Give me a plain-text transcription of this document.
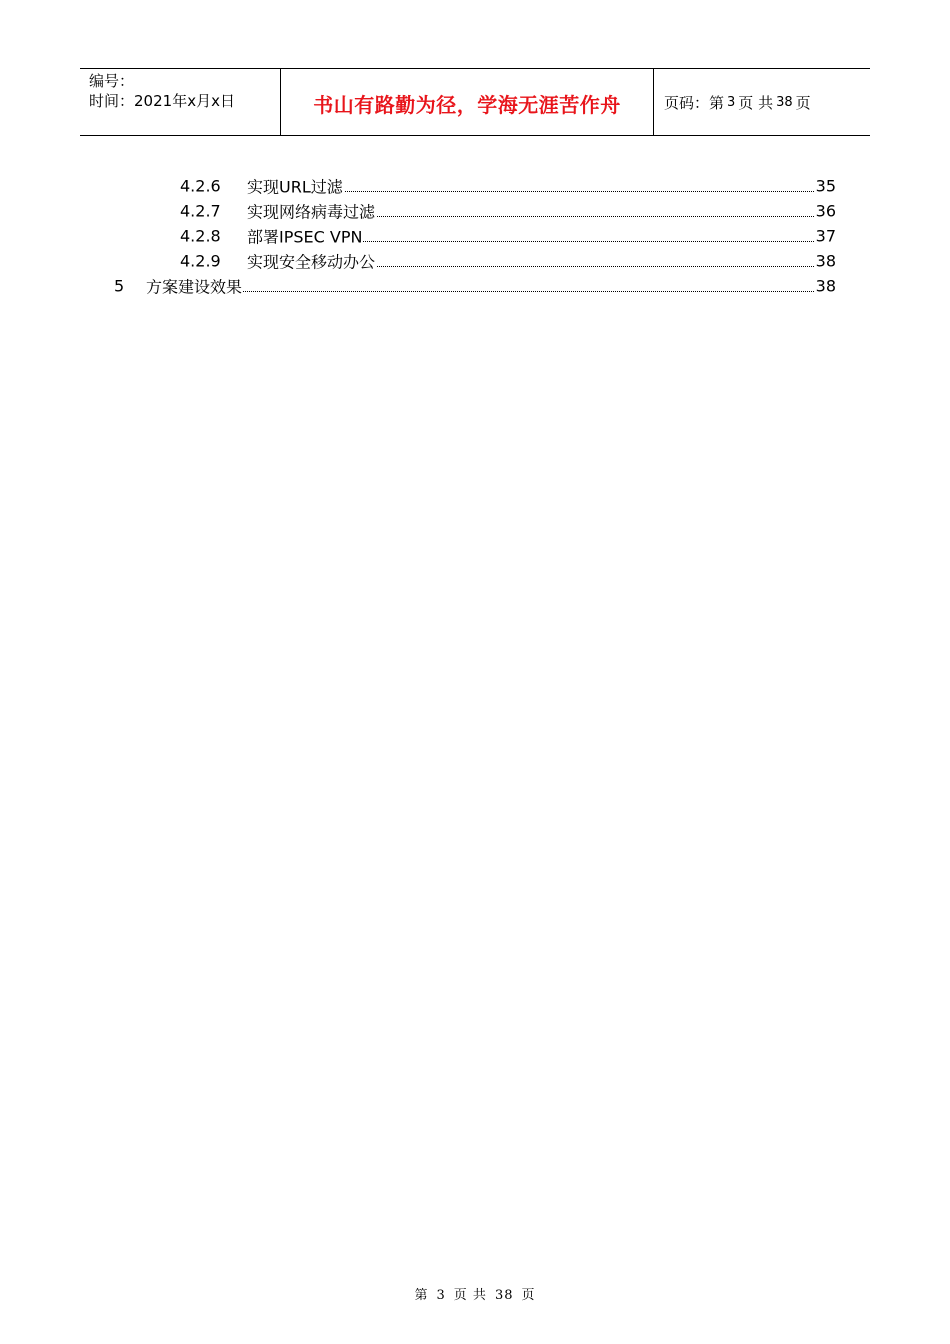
编号：
时间：2021年x月x日	书山有路勤为径，学海无涯苦作舟	页码：第 3 页 共 38 页
4.2.6 实现URL过滤	35
4.2.7 实现网络病毒过滤	36
4.2.8 部署IPSEC VPN	37
4.2.9 实现安全移动办公	38
5 方案建设效果	38
第 3 页 共 38 页
